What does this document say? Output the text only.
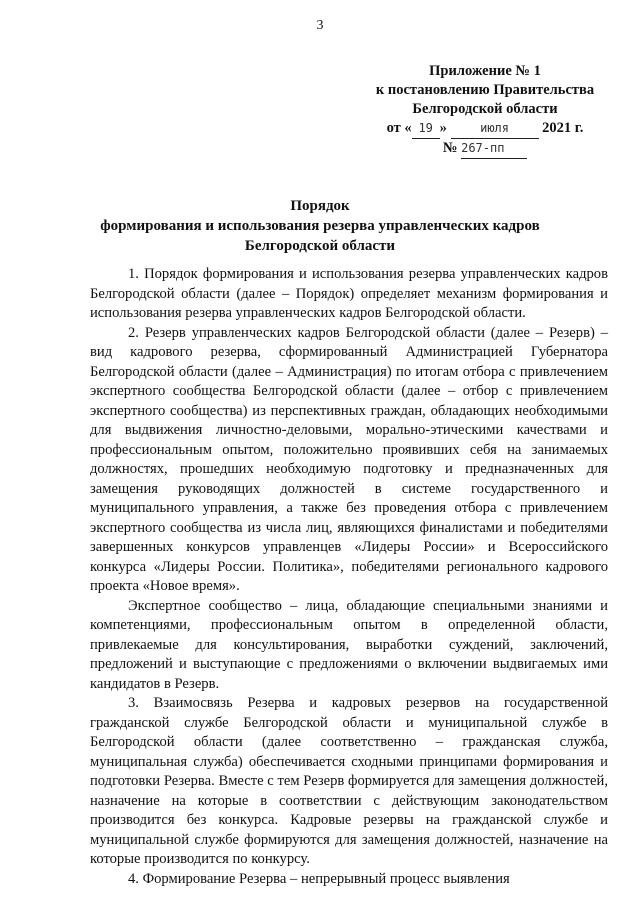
3
Приложение № 1
к постановлению Правительства
Белгородской области
от « 19 »	июля 2021 г.
№ 267-пп
Порядок
формирования и использования резерва управленческих кадров
Белгородской области

1. Порядок формирования и использования резерва управленческих кадров Белгородской области (далее – Порядок) определяет механизм формирования и использования резерва управленческих кадров Белгородской области.

2. Резерв управленческих кадров Белгородской области (далее – Резерв) – вид кадрового резерва, сформированный Администрацией Губернатора Белгородской области (далее – Администрация) по итогам отбора с привлечением экспертного сообщества Белгородской области (далее – отбор с привлечением экспертного сообщества) из перспективных граждан, обладающих необходимыми для выдвижения личностно-деловыми, морально-этическими качествами и профессиональным опытом, положительно проявивших себя на занимаемых должностях, прошедших необходимую подготовку и предназначенных для замещения руководящих должностей в системе государственного и муниципального управления, а также без проведения отбора с привлечением экспертного сообщества из числа лиц, являющихся финалистами и победителями завершенных конкурсов управленцев «Лидеры России» и Всероссийского конкурса «Лидеры России. Политика», победителями регионального кадрового проекта «Новое время».

Экспертное сообщество – лица, обладающие специальными знаниями и компетенциями, профессиональным опытом в определенной области, привлекаемые для консультирования, выработки суждений, заключений, предложений и выступающие с предложениями о включении выдвигаемых ими кандидатов в Резерв.

3. Взаимосвязь Резерва и кадровых резервов на государственной гражданской службе Белгородской области и муниципальной службе в Белгородской области (далее соответственно – гражданская служба, муниципальная служба) обеспечивается сходными принципами формирования и подготовки Резерва. Вместе с тем Резерв формируется для замещения должностей, назначение на которые в соответствии с действующим законодательством производится без конкурса. Кадровые резервы на гражданской службе и муниципальной службе формируются для замещения должностей, назначение на которые производится по конкурсу.

4. Формирование Резерва – непрерывный процесс выявления
